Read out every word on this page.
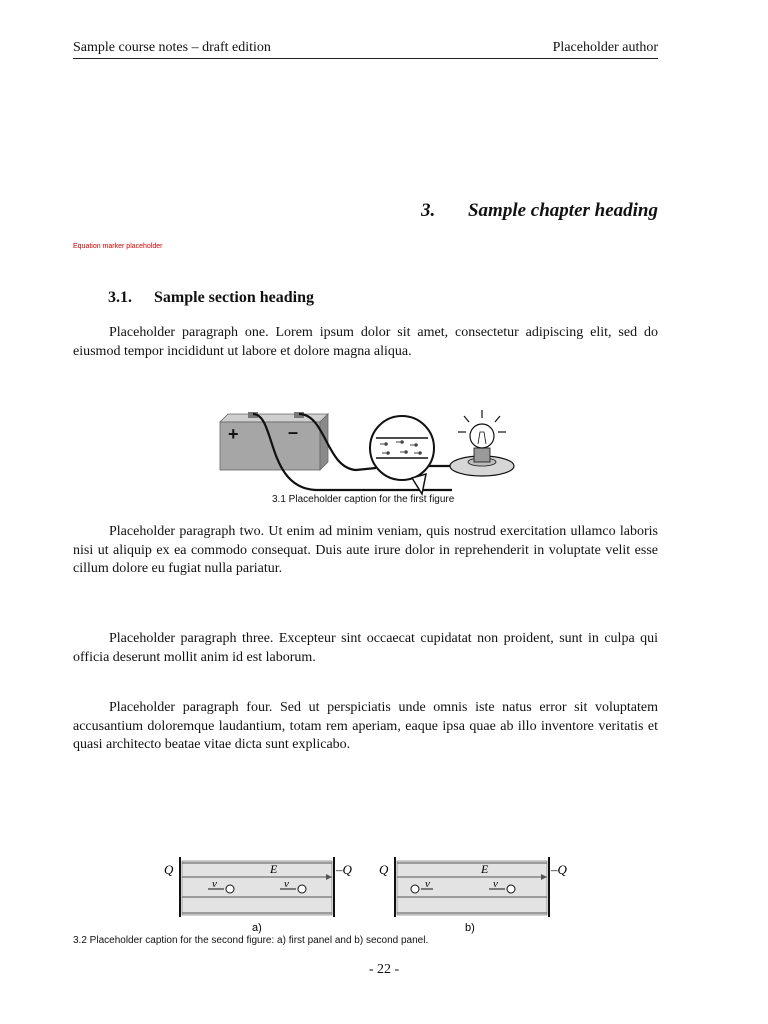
Sample course notes – draft edition	Placeholder author
3. Sample chapter heading
Equation marker placeholder
3.1. Sample section heading

Placeholder paragraph one. Lorem ipsum dolor sit amet, consectetur adipiscing elit, sed do eiusmod tempor incididunt ut labore et dolore magna aliqua.

+	–
3.1 Placeholder caption for the first figure

Placeholder paragraph two. Ut enim ad minim veniam, quis nostrud exercitation ullamco laboris nisi ut aliquip ex ea commodo consequat. Duis aute irure dolor in reprehenderit in voluptate velit esse cillum dolore eu fugiat nulla pariatur.

Placeholder paragraph three. Excepteur sint occaecat cupidatat non proident, sunt in culpa qui officia deserunt mollit anim id est laborum.

Placeholder paragraph four. Sed ut perspiciatis unde omnis iste natus error sit voluptatem accusantium doloremque laudantium, totam rem aperiam, eaque ipsa quae ab illo inventore veritatis et quasi architecto beatae vitae dicta sunt explicabo.

Q	–Q
E
v	v
a)
Q	–Q
E
v	v
b)
3.2 Placeholder caption for the second figure: a) first panel and b) second panel.
- 22 -
